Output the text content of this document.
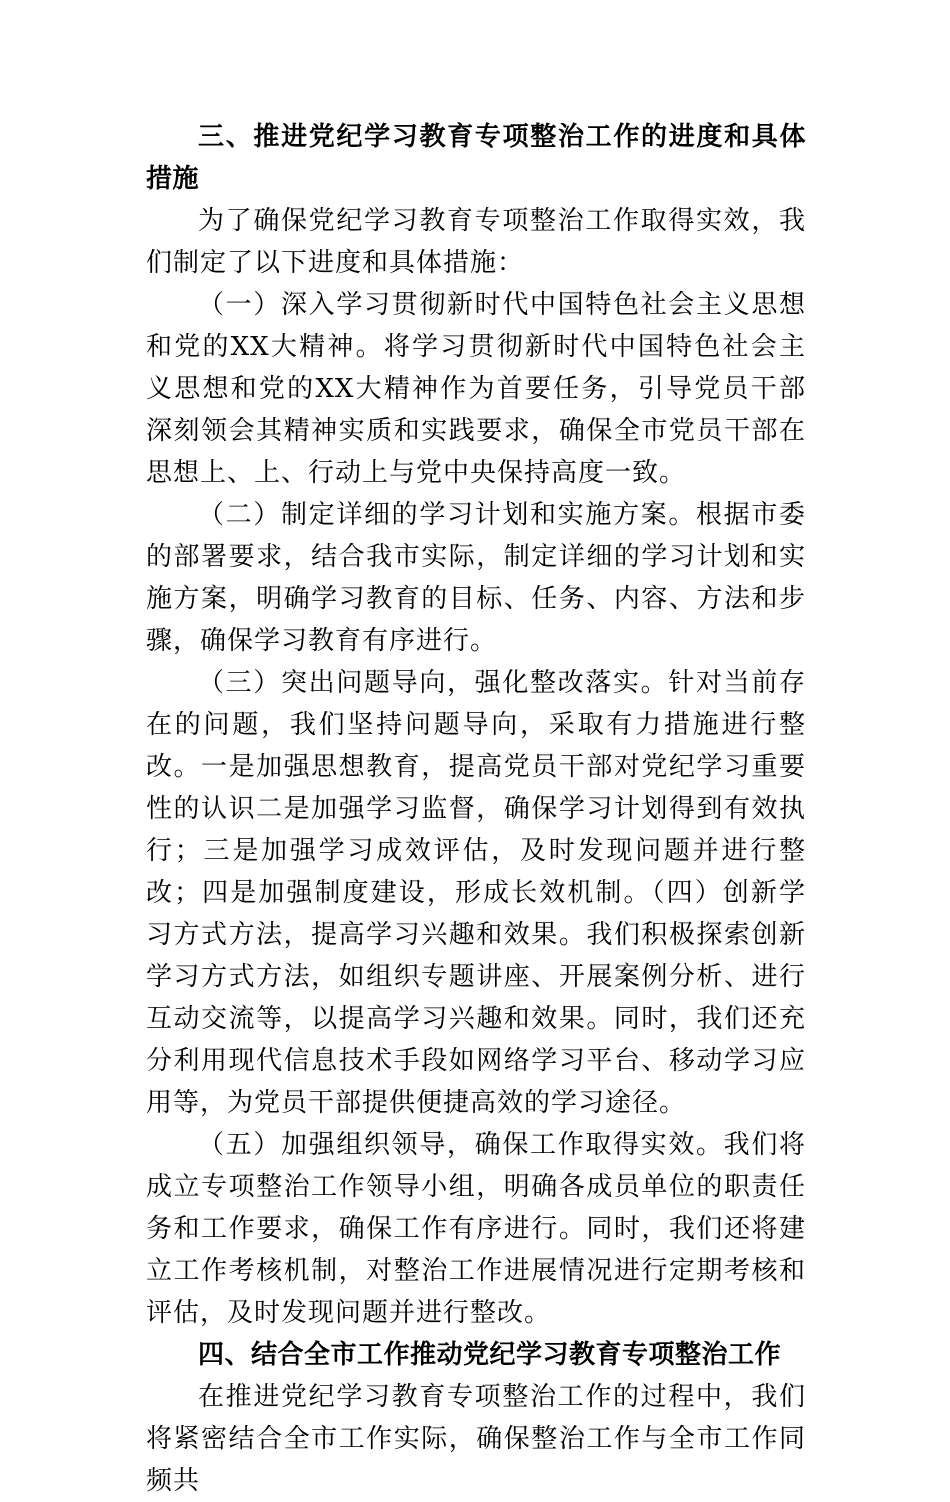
三、推进党纪学习教育专项整治工作的进度和具体措施

为了确保党纪学习教育专项整治工作取得实效，我们制定了以下进度和具体措施：

（一）深入学习贯彻新时代中国特色社会主义思想和党的XX大精神。将学习贯彻新时代中国特色社会主义思想和党的XX大精神作为首要任务，引导党员干部深刻领会其精神实质和实践要求，确保全市党员干部在思想上、上、行动上与党中央保持高度一致。

（二）制定详细的学习计划和实施方案。根据市委的部署要求，结合我市实际，制定详细的学习计划和实施方案，明确学习教育的目标、任务、内容、方法和步骤，确保学习教育有序进行。

（三）突出问题导向，强化整改落实。针对当前存在的问题，我们坚持问题导向，采取有力措施进行整改。一是加强思想教育，提高党员干部对党纪学习重要性的认识二是加强学习监督，确保学习计划得到有效执行；三是加强学习成效评估，及时发现问题并进行整改；四是加强制度建设，形成长效机制。（四）创新学习方式方法，提高学习兴趣和效果。我们积极探索创新学习方式方法，如组织专题讲座、开展案例分析、进行互动交流等，以提高学习兴趣和效果。同时，我们还充分利用现代信息技术手段如网络学习平台、移动学习应用等，为党员干部提供便捷高效的学习途径。

（五）加强组织领导，确保工作取得实效。我们将成立专项整治工作领导小组，明确各成员单位的职责任务和工作要求，确保工作有序进行。同时，我们还将建立工作考核机制，对整治工作进展情况进行定期考核和评估，及时发现问题并进行整改。

四、结合全市工作推动党纪学习教育专项整治工作

在推进党纪学习教育专项整治工作的过程中，我们将紧密结合全市工作实际，确保整治工作与全市工作同频共
